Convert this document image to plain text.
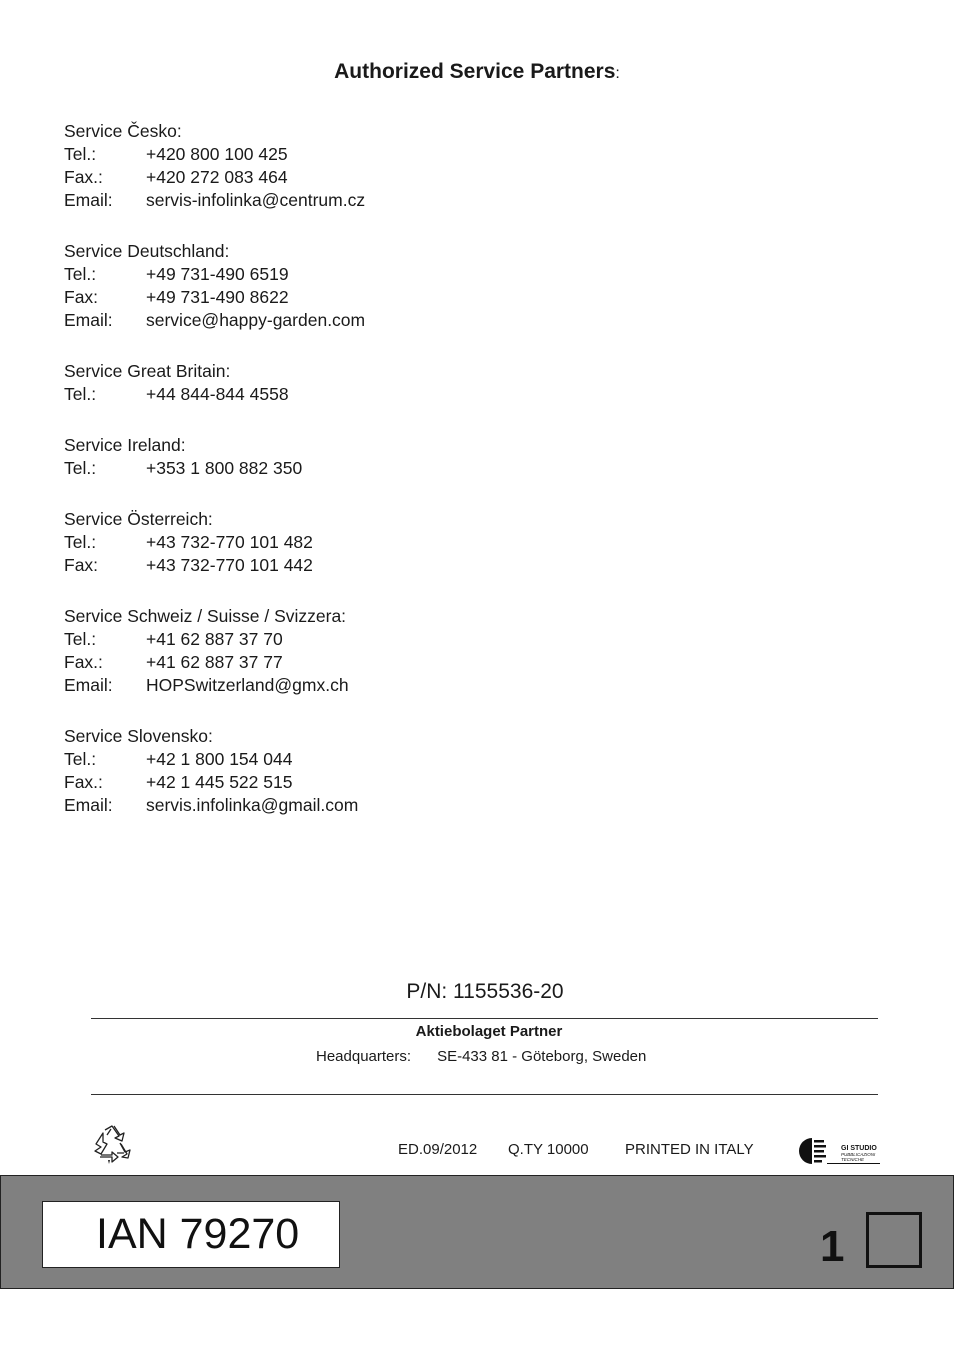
Authorized Service Partners:
Service Česko:
Tel.:	+420 800 100 425
Fax.:	+420 272 083 464
Email:	servis-infolinka@centrum.cz
Service Deutschland:
Tel.:	+49 731-490 6519
Fax:	+49 731-490 8622
Email:	service@happy-garden.com
Service Great Britain:
Tel.:	+44 844-844 4558
Service Ireland:
Tel.:	+353 1 800 882 350
Service Österreich:
Tel.:	+43 732-770 101 482
Fax:	+43 732-770 101 442
Service Schweiz / Suisse / Svizzera:
Tel.:	+41 62 887 37 70
Fax.:	+41 62 887 37 77
Email:	HOPSwitzerland@gmx.ch
Service Slovensko:
Tel.:	+42 1 800 154 044
Fax.:	+42 1 445 522 515
Email:	servis.infolinka@gmail.com
P/N: 1155536-20
Aktiebolaget Partner
Headquarters: SE-433 81 - Göteborg, Sweden
ED.09/2012 Q.TY 10000 PRINTED IN ITALY	GI STUDIO
PUBBLICAZIONI
TECNICHE
IAN 79270	1
